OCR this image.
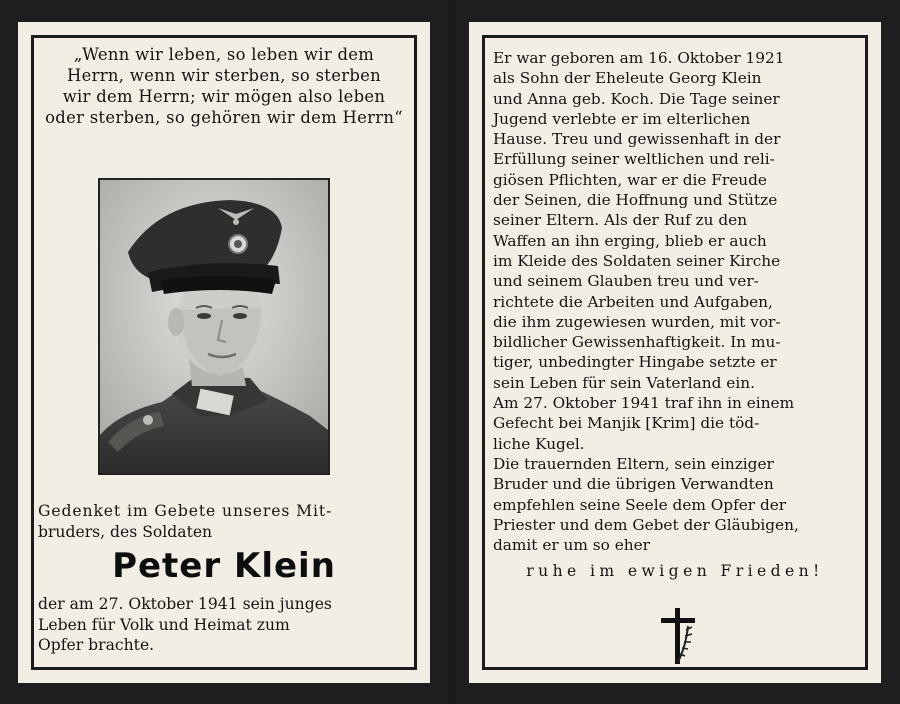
„Wenn wir leben, so leben wir dem
Herrn, wenn wir sterben, so sterben
wir dem Herrn; wir mögen also leben
oder sterben, so gehören wir dem Herrn“
Gedenket im Gebete unseres Mit-
bruders, des Soldaten
Peter Klein
der am 27. Oktober 1941 sein junges
Leben für Volk und Heimat zum
Opfer brachte.
Er war geboren am 16. Oktober 1921
als Sohn der Eheleute Georg Klein
und Anna geb. Koch. Die Tage seiner
Jugend verlebte er im elterlichen
Hause. Treu und gewissenhaft in der
Erfüllung seiner weltlichen und reli-
giösen Pflichten, war er die Freude
der Seinen, die Hoffnung und Stütze
seiner Eltern. Als der Ruf zu den
Waffen an ihn erging, blieb er auch
im Kleide des Soldaten seiner Kirche
und seinem Glauben treu und ver-
richtete die Arbeiten und Aufgaben,
die ihm zugewiesen wurden, mit vor-
bildlicher Gewissenhaftigkeit. In mu-
tiger, unbedingter Hingabe setzte er
sein Leben für sein Vaterland ein.
Am 27. Oktober 1941 traf ihn in einem
Gefecht bei Manjik [Krim] die töd-
liche Kugel.
Die trauernden Eltern, sein einziger
Bruder und die übrigen Verwandten
empfehlen seine Seele dem Opfer der
Priester und dem Gebet der Gläubigen,
damit er um so eher
ruhe im ewigen Frieden!
